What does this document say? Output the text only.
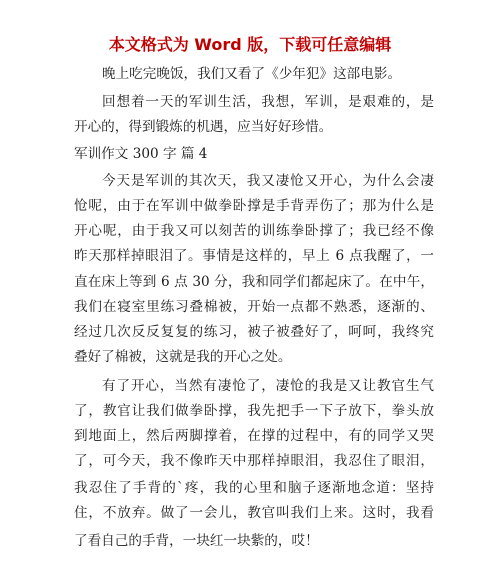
本文格式为 Word 版，下载可任意编辑
晚上吃完晚饭，我们又看了《少年犯》这部电影。
回想着一天的军训生活，我想，军训，是艰难的，是
开心的，得到锻炼的机遇，应当好好珍惜。
军训作文 300 字 篇 4
今天是军训的其次天，我又凄怆又开心，为什么会凄
怆呢，由于在军训中做拳卧撑是手背弄伤了；那为什么是
开心呢，由于我又可以刻苦的训练拳卧撑了；我已经不像
昨天那样掉眼泪了。事情是这样的，早上 6 点我醒了，一
直在床上等到 6 点 30 分，我和同学们都起床了。在中午，
我们在寝室里练习叠棉被，开始一点都不熟悉，逐渐的、
经过几次反反复复的练习，被子被叠好了，呵呵，我终究
叠好了棉被，这就是我的开心之处。
有了开心，当然有凄怆了，凄怆的我是又让教官生气
了，教官让我们做拳卧撑，我先把手一下子放下，拳头放
到地面上，然后两脚撑着，在撑的过程中，有的同学又哭
了，可今天，我不像昨天中那样掉眼泪，我忍住了眼泪，
我忍住了手背的`疼，我的心里和脑子逐渐地念道：坚持
住，不放弃。做了一会儿，教官叫我们上来。这时，我看
了看自己的手背，一块红一块紫的，哎！
